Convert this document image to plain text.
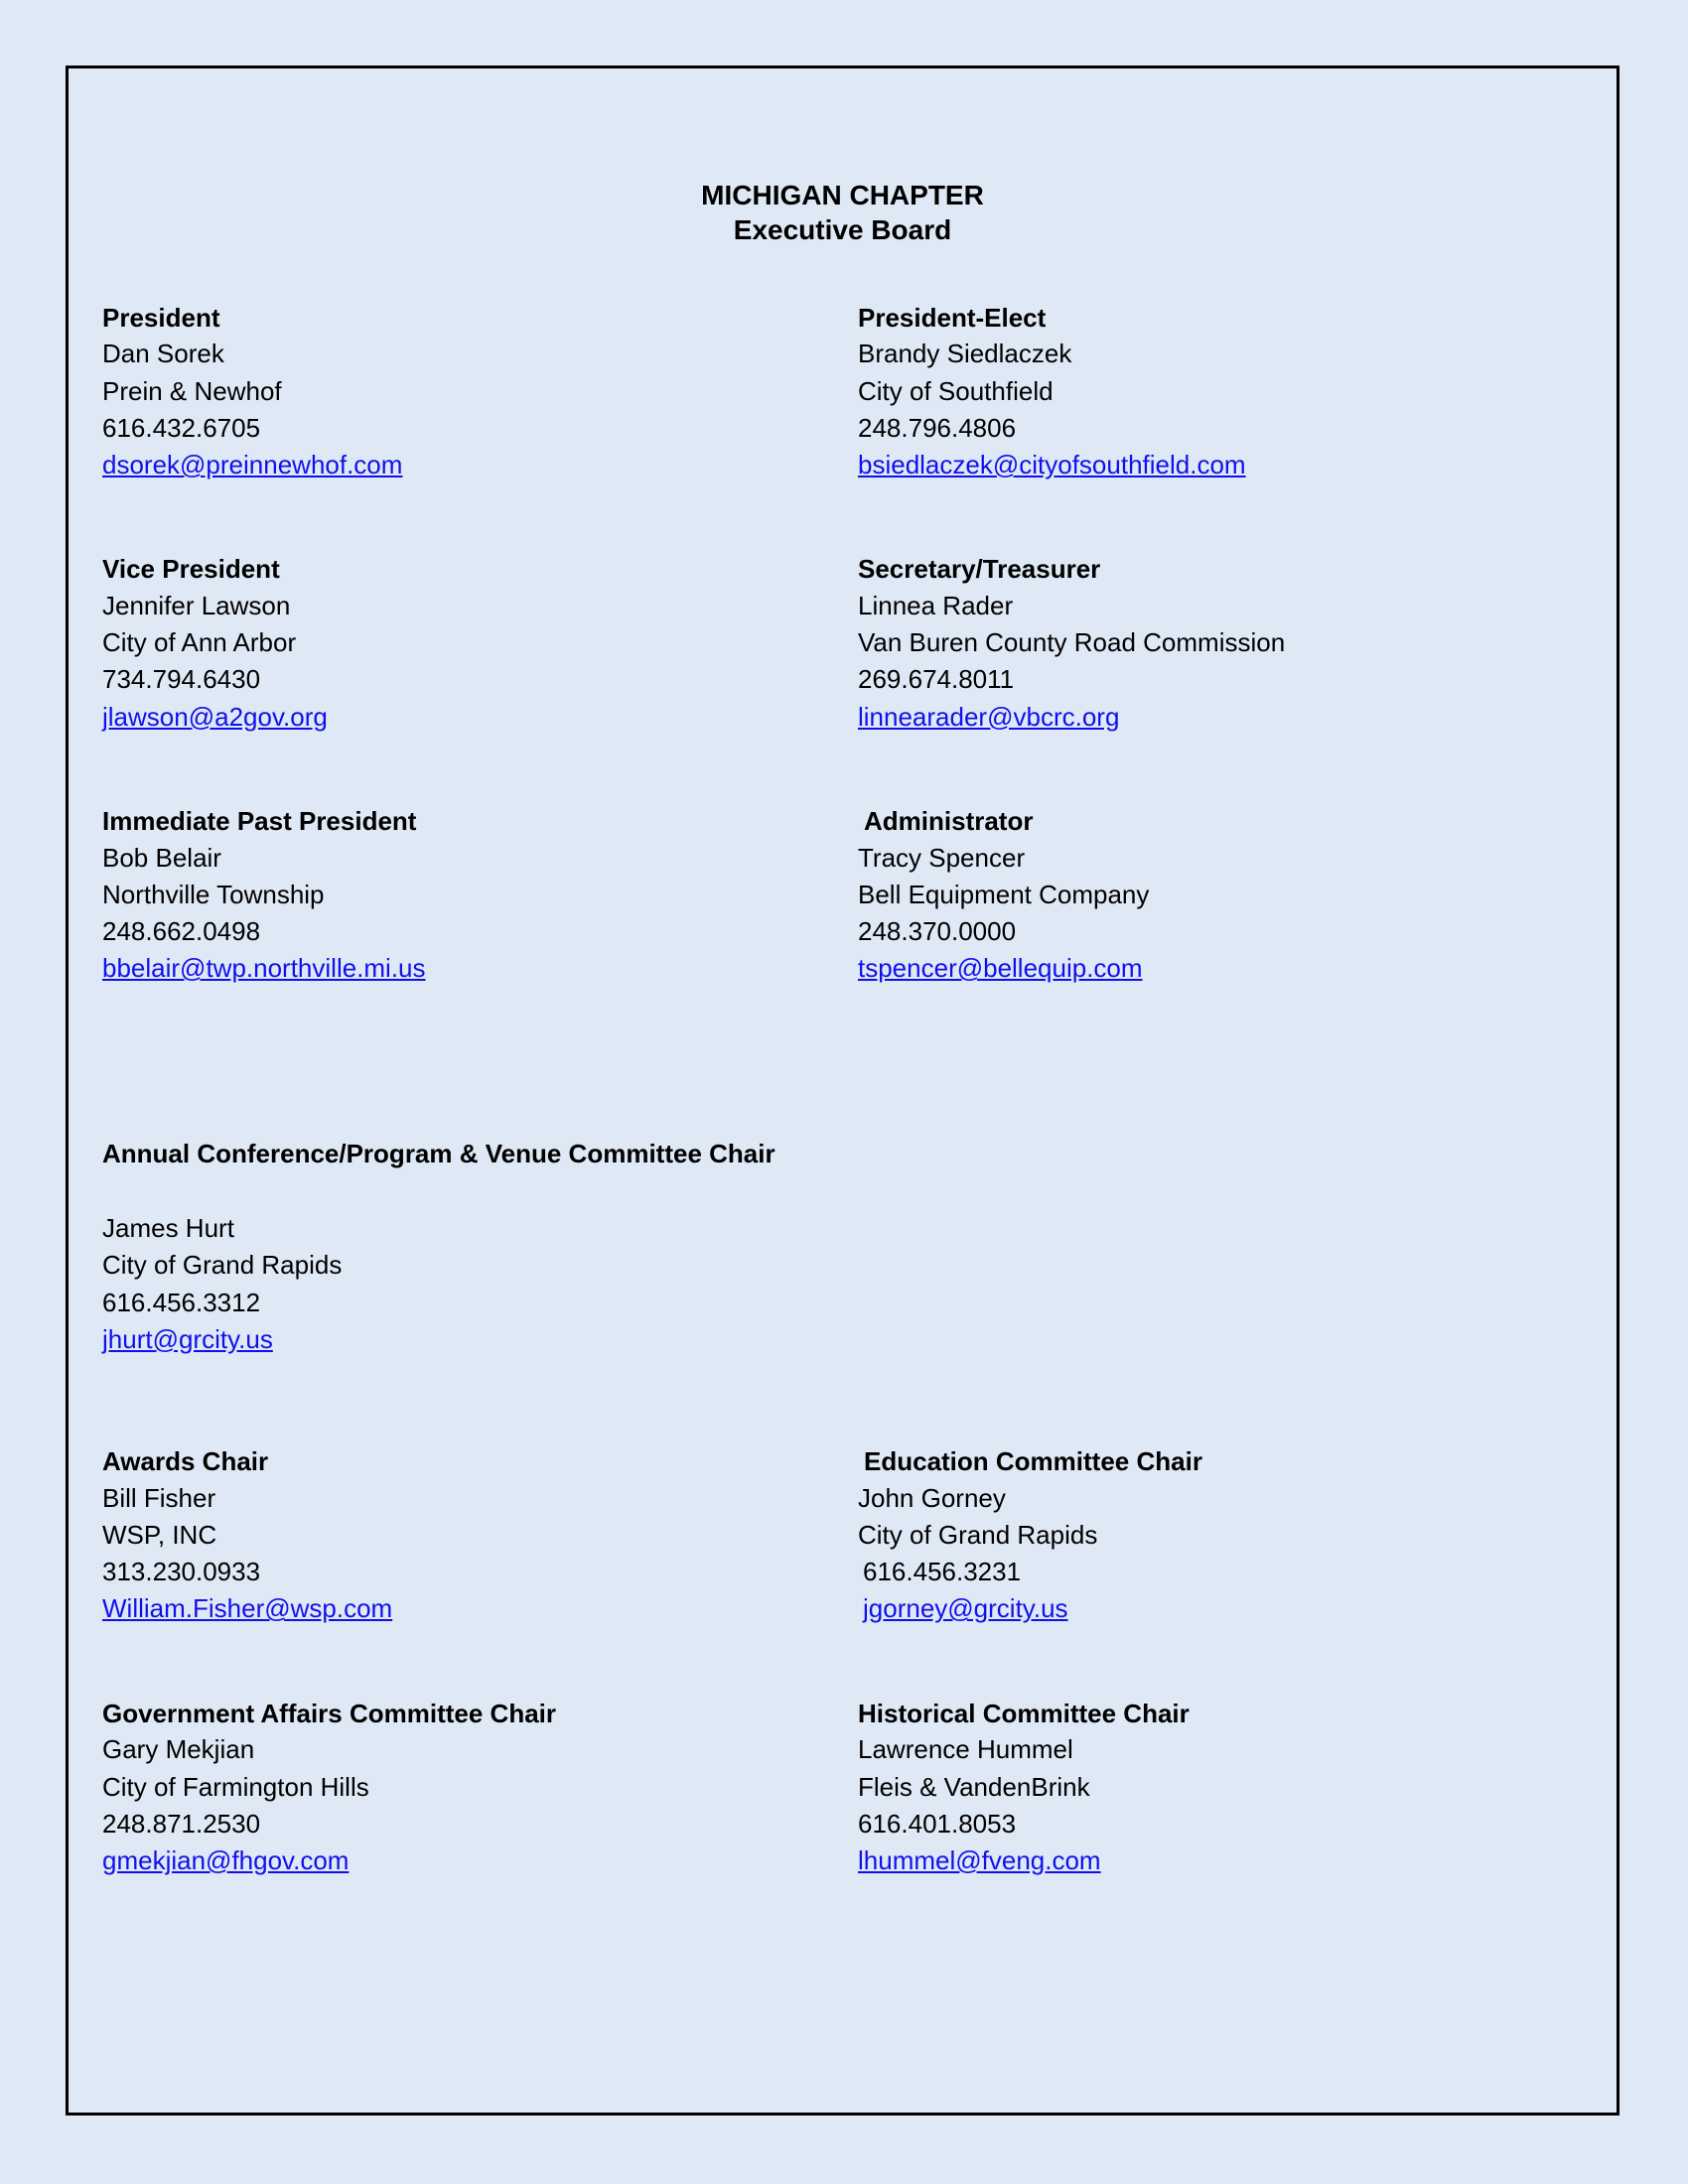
MICHIGAN CHAPTER
Executive Board
President
Dan Sorek
Prein & Newhof
616.432.6705
dsorek@preinnewhof.com
President-Elect
Brandy Siedlaczek
City of Southfield
248.796.4806
bsiedlaczek@cityofsouthfield.com
Vice President
Jennifer Lawson
City of Ann Arbor
734.794.6430
jlawson@a2gov.org
Secretary/Treasurer
Linnea Rader
Van Buren County Road Commission
269.674.8011
linnearader@vbcrc.org
Immediate Past President
Bob Belair
Northville Township
248.662.0498
bbelair@twp.northville.mi.us
Administrator
Tracy Spencer
Bell Equipment Company
248.370.0000
tspencer@bellequip.com
Annual Conference/Program & Venue Committee Chair
James Hurt
City of Grand Rapids
616.456.3312
jhurt@grcity.us
Awards Chair
Bill Fisher
WSP, INC
313.230.0933
William.Fisher@wsp.com
Education Committee Chair
John Gorney
City of Grand Rapids
616.456.3231
jgorney@grcity.us
Government Affairs Committee Chair
Gary Mekjian
City of Farmington Hills
248.871.2530
gmekjian@fhgov.com
Historical Committee Chair
Lawrence Hummel
Fleis & VandenBrink
616.401.8053
lhummel@fveng.com
